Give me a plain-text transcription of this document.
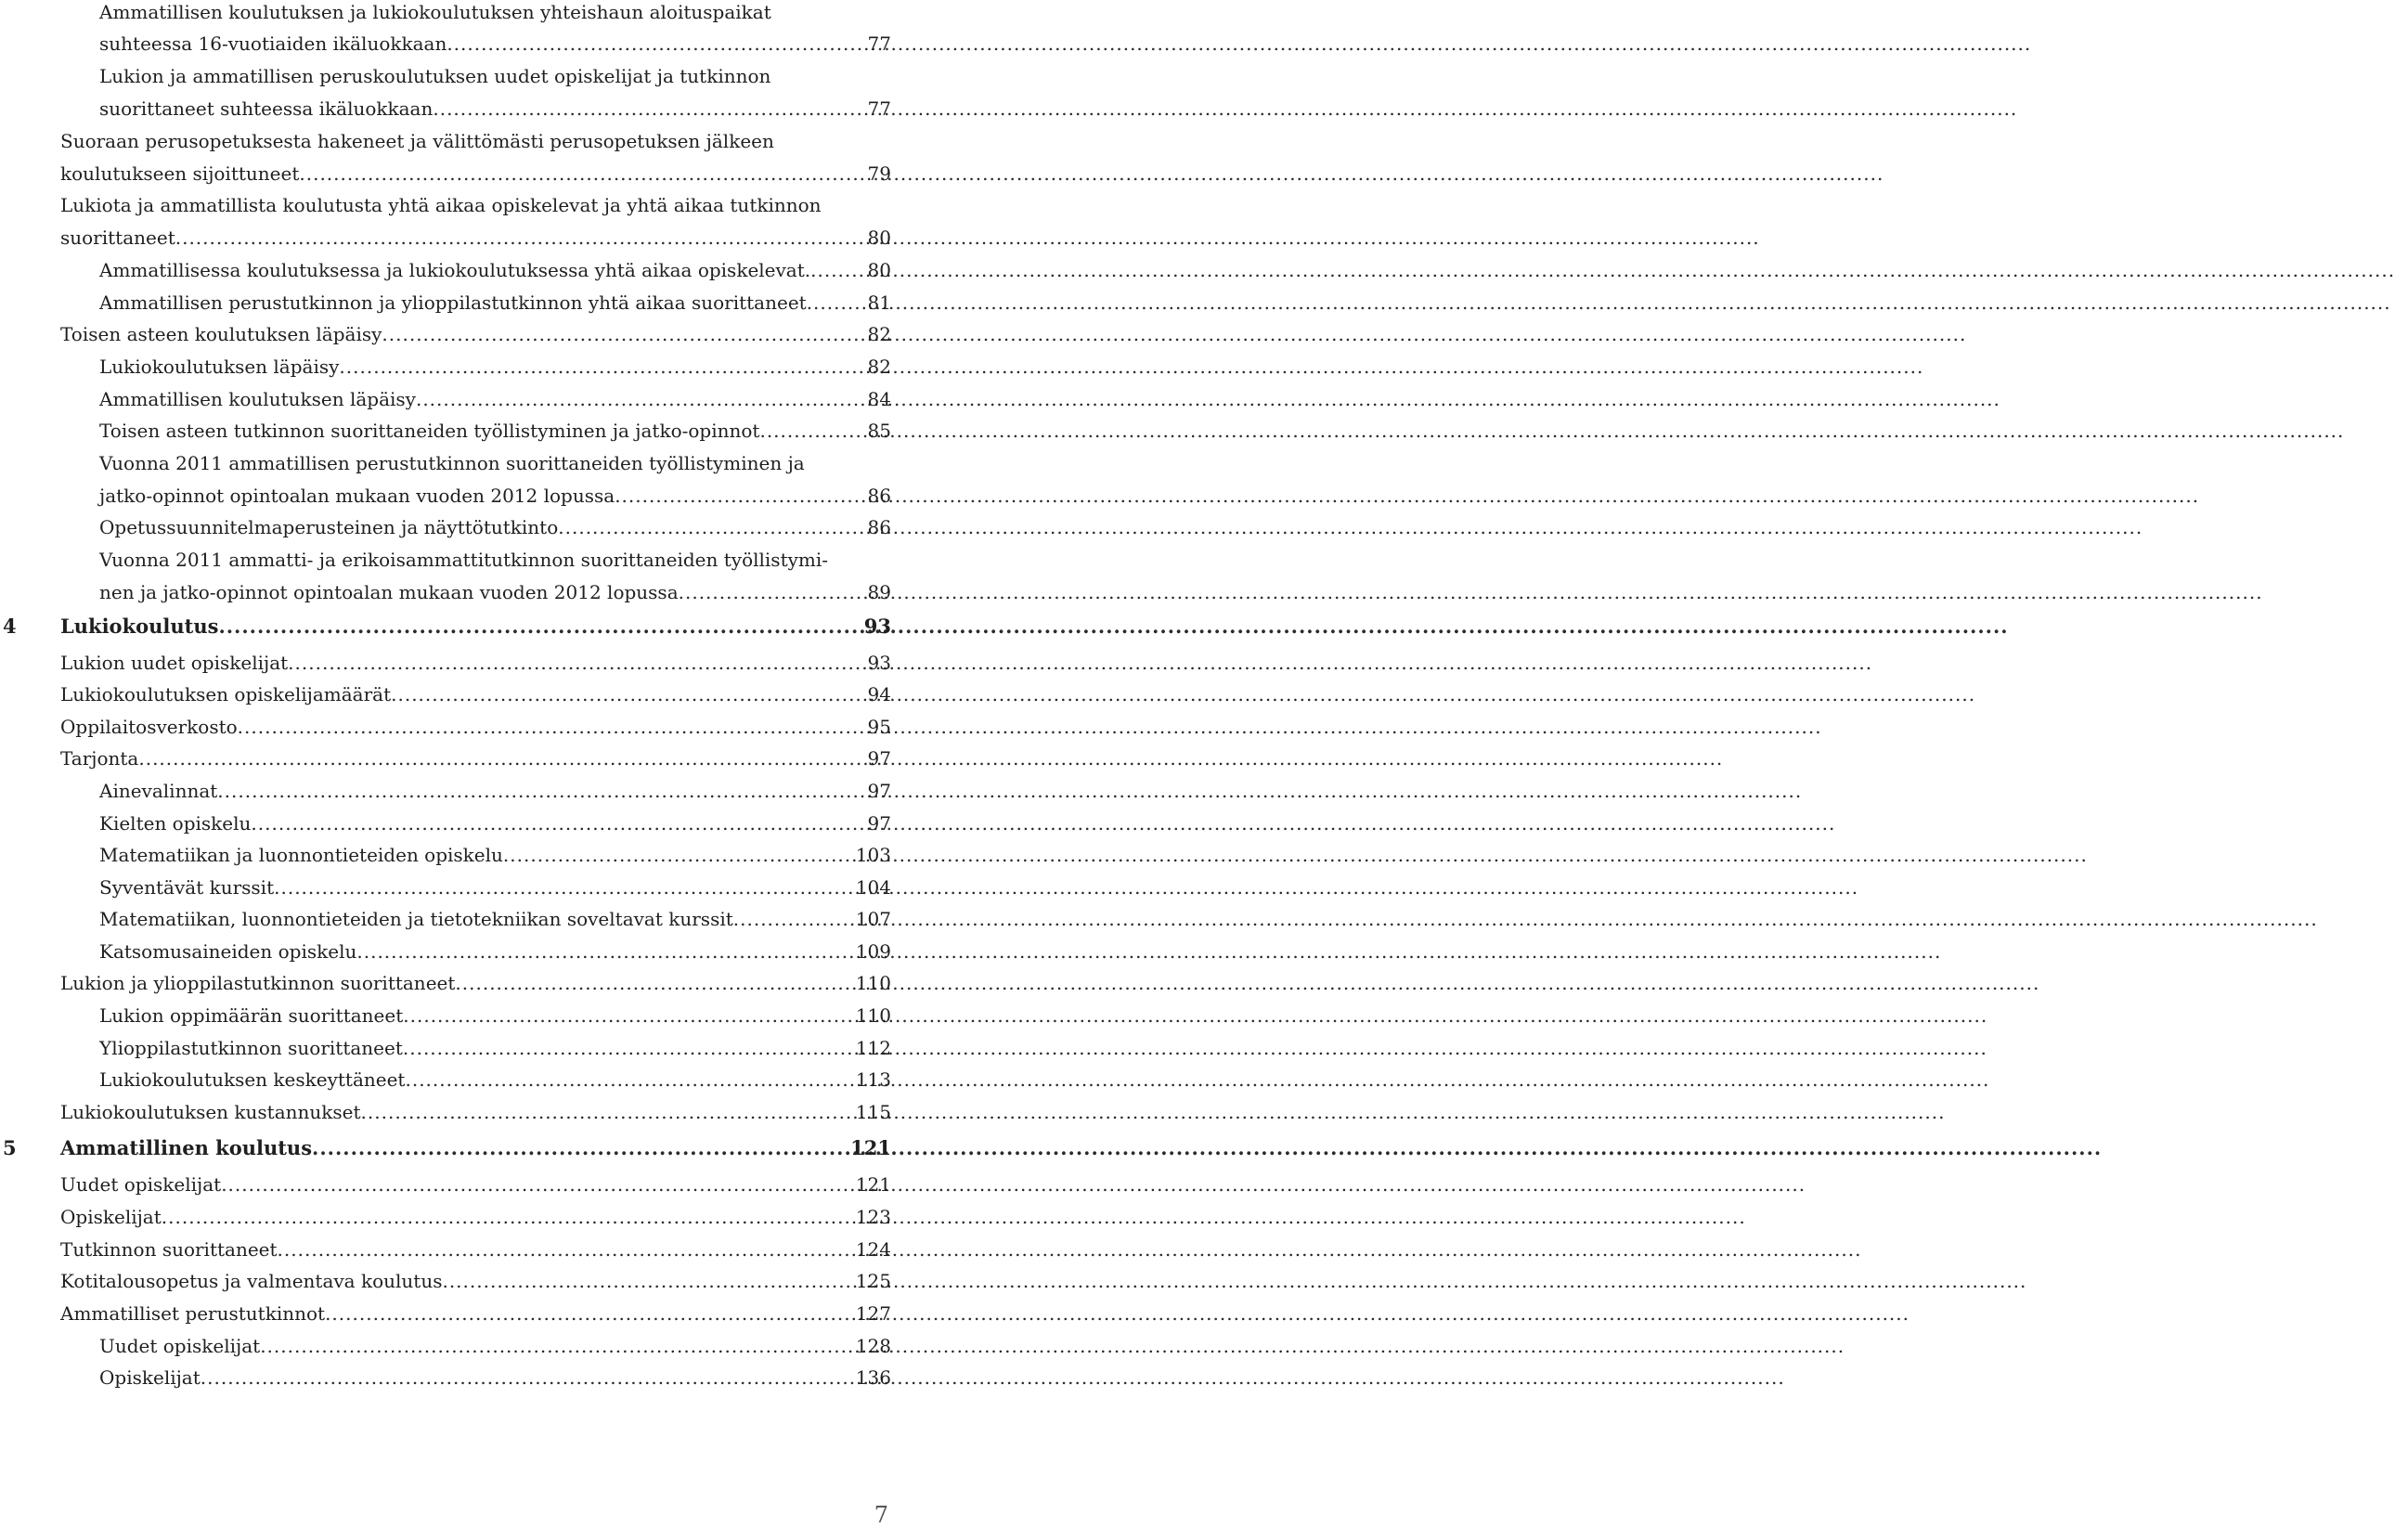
Ammatillisen koulutuksen ja lukiokoulutuksen yhteishaun aloituspaikat
suhteessa 16-vuotiaiden ikäluokkaan .....	77
Lukion ja ammatillisen peruskoulutuksen uudet opiskelijat ja tutkinnon
suorittaneet suhteessa ikäluokkaan .....	77
Suoraan perusopetuksesta hakeneet ja välittömästi perusopetuksen jälkeen
koulutukseen sijoittuneet .....	79
Lukiota ja ammatillista koulutusta yhtä aikaa opiskelevat ja yhtä aikaa tutkinnon
suorittaneet .....	80
Ammatillisessa koulutuksessa ja lukiokoulutuksessa yhtä aikaa opiskelevat. .....	80
Ammatillisen perustutkinnon ja ylioppilastutkinnon yhtä aikaa suorittaneet .....	81
Toisen asteen koulutuksen läpäisy .....	82
Lukiokoulutuksen läpäisy .....	82
Ammatillisen koulutuksen läpäisy .....	84
Toisen asteen tutkinnon suorittaneiden työllistyminen ja jatko-opinnot .....	85
Vuonna 2011 ammatillisen perustutkinnon suorittaneiden työllistyminen ja
jatko-opinnot opintoalan mukaan vuoden 2012 lopussa .....	86
Opetussuunnitelmaperusteinen ja näyttötutkinto .....	86
Vuonna 2011 ammatti- ja erikoisammattitutkinnon suorittaneiden työllistymi-
nen ja jatko-opinnot opintoalan mukaan vuoden 2012 lopussa .....	89
4 Lukiokoulutus .....	93
Lukion uudet opiskelijat .....	93
Lukiokoulutuksen opiskelijamäärät .....	94
Oppilaitosverkosto .....	95
Tarjonta .....	97
Ainevalinnat .....	97
Kielten opiskelu .....	97
Matematiikan ja luonnontieteiden opiskelu .....	103
Syventävät kurssit .....	104
Matematiikan, luonnontieteiden ja tietotekniikan soveltavat kurssit .....	107
Katsomusaineiden opiskelu .....	109
Lukion ja ylioppilastutkinnon suorittaneet .....	110
Lukion oppimäärän suorittaneet .....	110
Ylioppilastutkinnon suorittaneet .....	112
Lukiokoulutuksen keskeyttäneet .....	113
Lukiokoulutuksen kustannukset .....	115
5 Ammatillinen koulutus .....	121
Uudet opiskelijat .....	121
Opiskelijat .....	123
Tutkinnon suorittaneet .....	124
Kotitalousopetus ja valmentava koulutus .....	125
Ammatilliset perustutkinnot .....	127
Uudet opiskelijat .....	128
Opiskelijat .....	136
7
